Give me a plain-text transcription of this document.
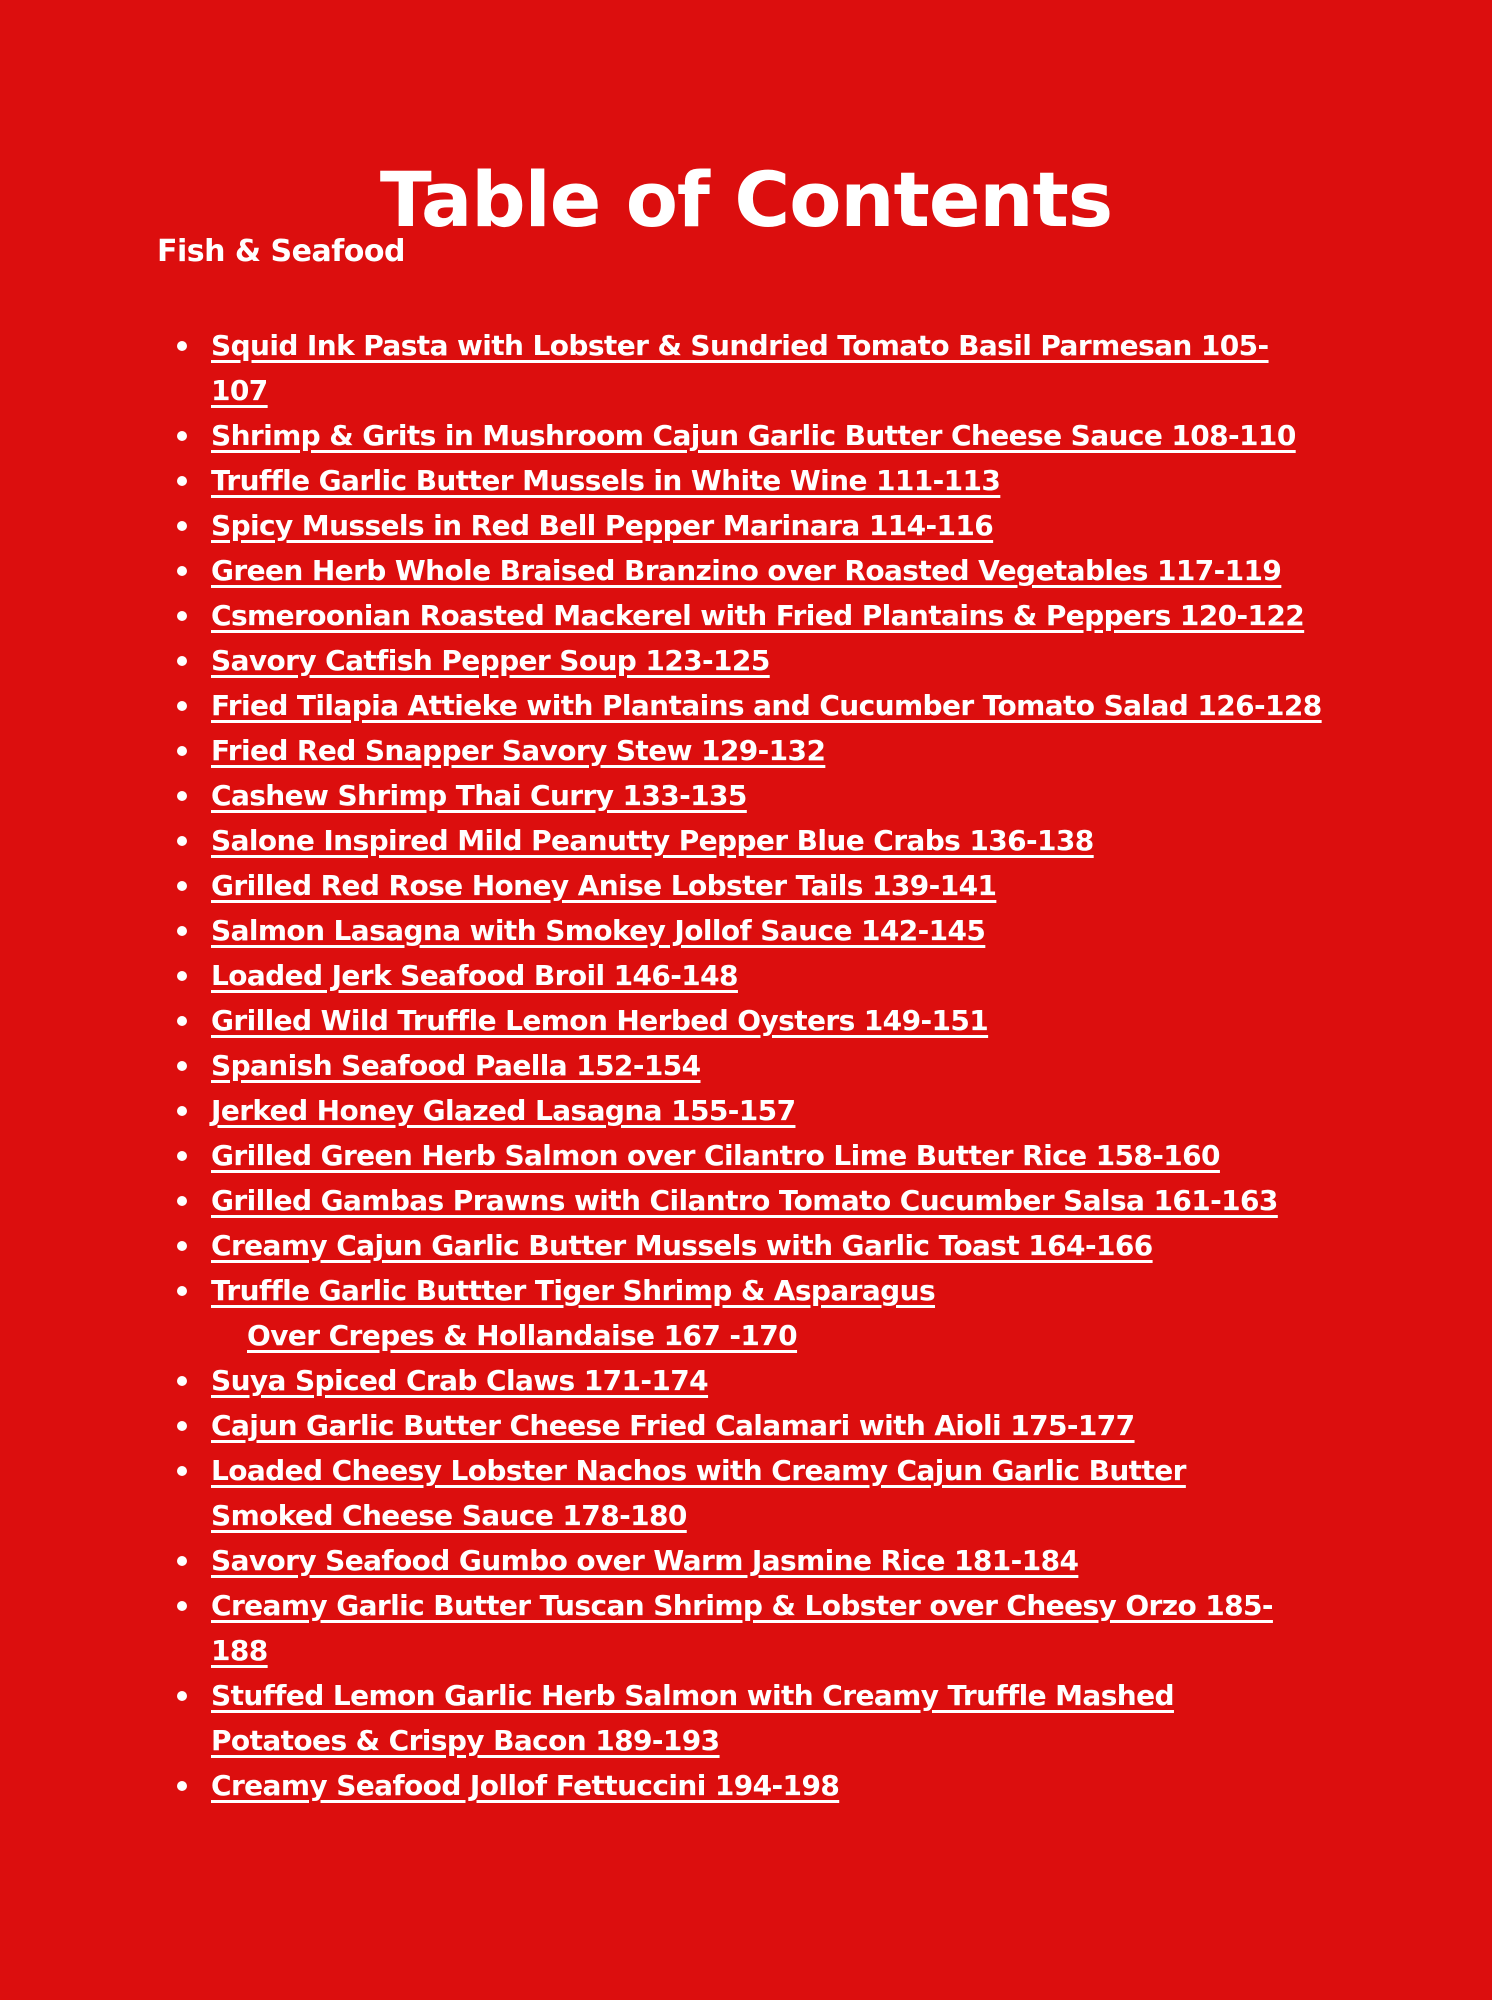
Table of Contents
Fish & Seafood
Squid Ink Pasta with Lobster & Sundried Tomato Basil Parmesan 105-
107
Shrimp & Grits in Mushroom Cajun Garlic Butter Cheese Sauce 108-110
Truffle Garlic Butter Mussels in White Wine 111-113
Spicy Mussels in Red Bell Pepper Marinara 114-116
Green Herb Whole Braised Branzino over Roasted Vegetables 117-119
Csmeroonian Roasted Mackerel with Fried Plantains & Peppers 120-122
Savory Catfish Pepper Soup 123-125
Fried Tilapia Attieke with Plantains and Cucumber Tomato Salad 126-128
Fried Red Snapper Savory Stew 129-132
Cashew Shrimp Thai Curry 133-135
Salone Inspired Mild Peanutty Pepper Blue Crabs 136-138
Grilled Red Rose Honey Anise Lobster Tails 139-141
Salmon Lasagna with Smokey Jollof Sauce 142-145
Loaded Jerk Seafood Broil 146-148
Grilled Wild Truffle Lemon Herbed Oysters 149-151
Spanish Seafood Paella 152-154
Jerked Honey Glazed Lasagna 155-157
Grilled Green Herb Salmon over Cilantro Lime Butter Rice 158-160
Grilled Gambas Prawns with Cilantro Tomato Cucumber Salsa 161-163
Creamy Cajun Garlic Butter Mussels with Garlic Toast 164-166
Truffle Garlic Buttter Tiger Shrimp & Asparagus
Over Crepes & Hollandaise 167 -170
Suya Spiced Crab Claws 171-174
Cajun Garlic Butter Cheese Fried Calamari with Aioli 175-177
Loaded Cheesy Lobster Nachos with Creamy Cajun Garlic Butter
Smoked Cheese Sauce 178-180
Savory Seafood Gumbo over Warm Jasmine Rice 181-184
Creamy Garlic Butter Tuscan Shrimp & Lobster over Cheesy Orzo 185-
188
Stuffed Lemon Garlic Herb Salmon with Creamy Truffle Mashed
Potatoes & Crispy Bacon 189-193
Creamy Seafood Jollof Fettuccini 194-198
